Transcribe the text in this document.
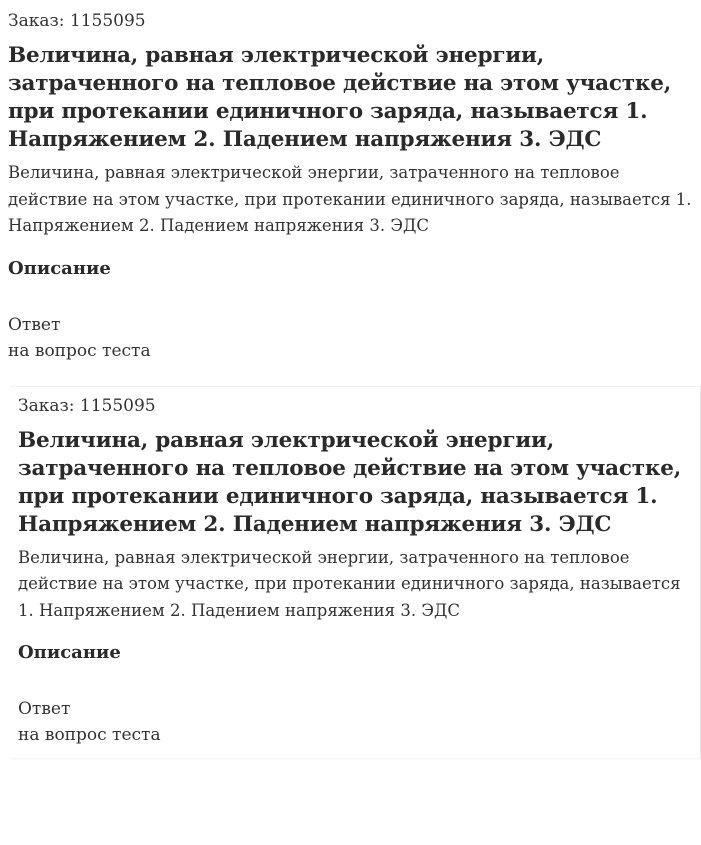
Заказ: 1155095
Величина, равная электрической энергии, затраченного на тепловое действие на этом участке, при протекании единичного заряда, называется 1. Напряжением 2. Падением напряжения 3. ЭДС
Величина, равная электрической энергии, затраченного на тепловое действие на этом участке, при протекании единичного заряда, называется 1. Напряжением 2. Падением напряжения 3. ЭДС
Описание
Ответ
на вопрос теста
Заказ: 1155095
Величина, равная электрической энергии, затраченного на тепловое действие на этом участке, при протекании единичного заряда, называется 1. Напряжением 2. Падением напряжения 3. ЭДС
Величина, равная электрической энергии, затраченного на тепловое действие на этом участке, при протекании единичного заряда, называется 1. Напряжением 2. Падением напряжения 3. ЭДС
Описание
Ответ
на вопрос теста
